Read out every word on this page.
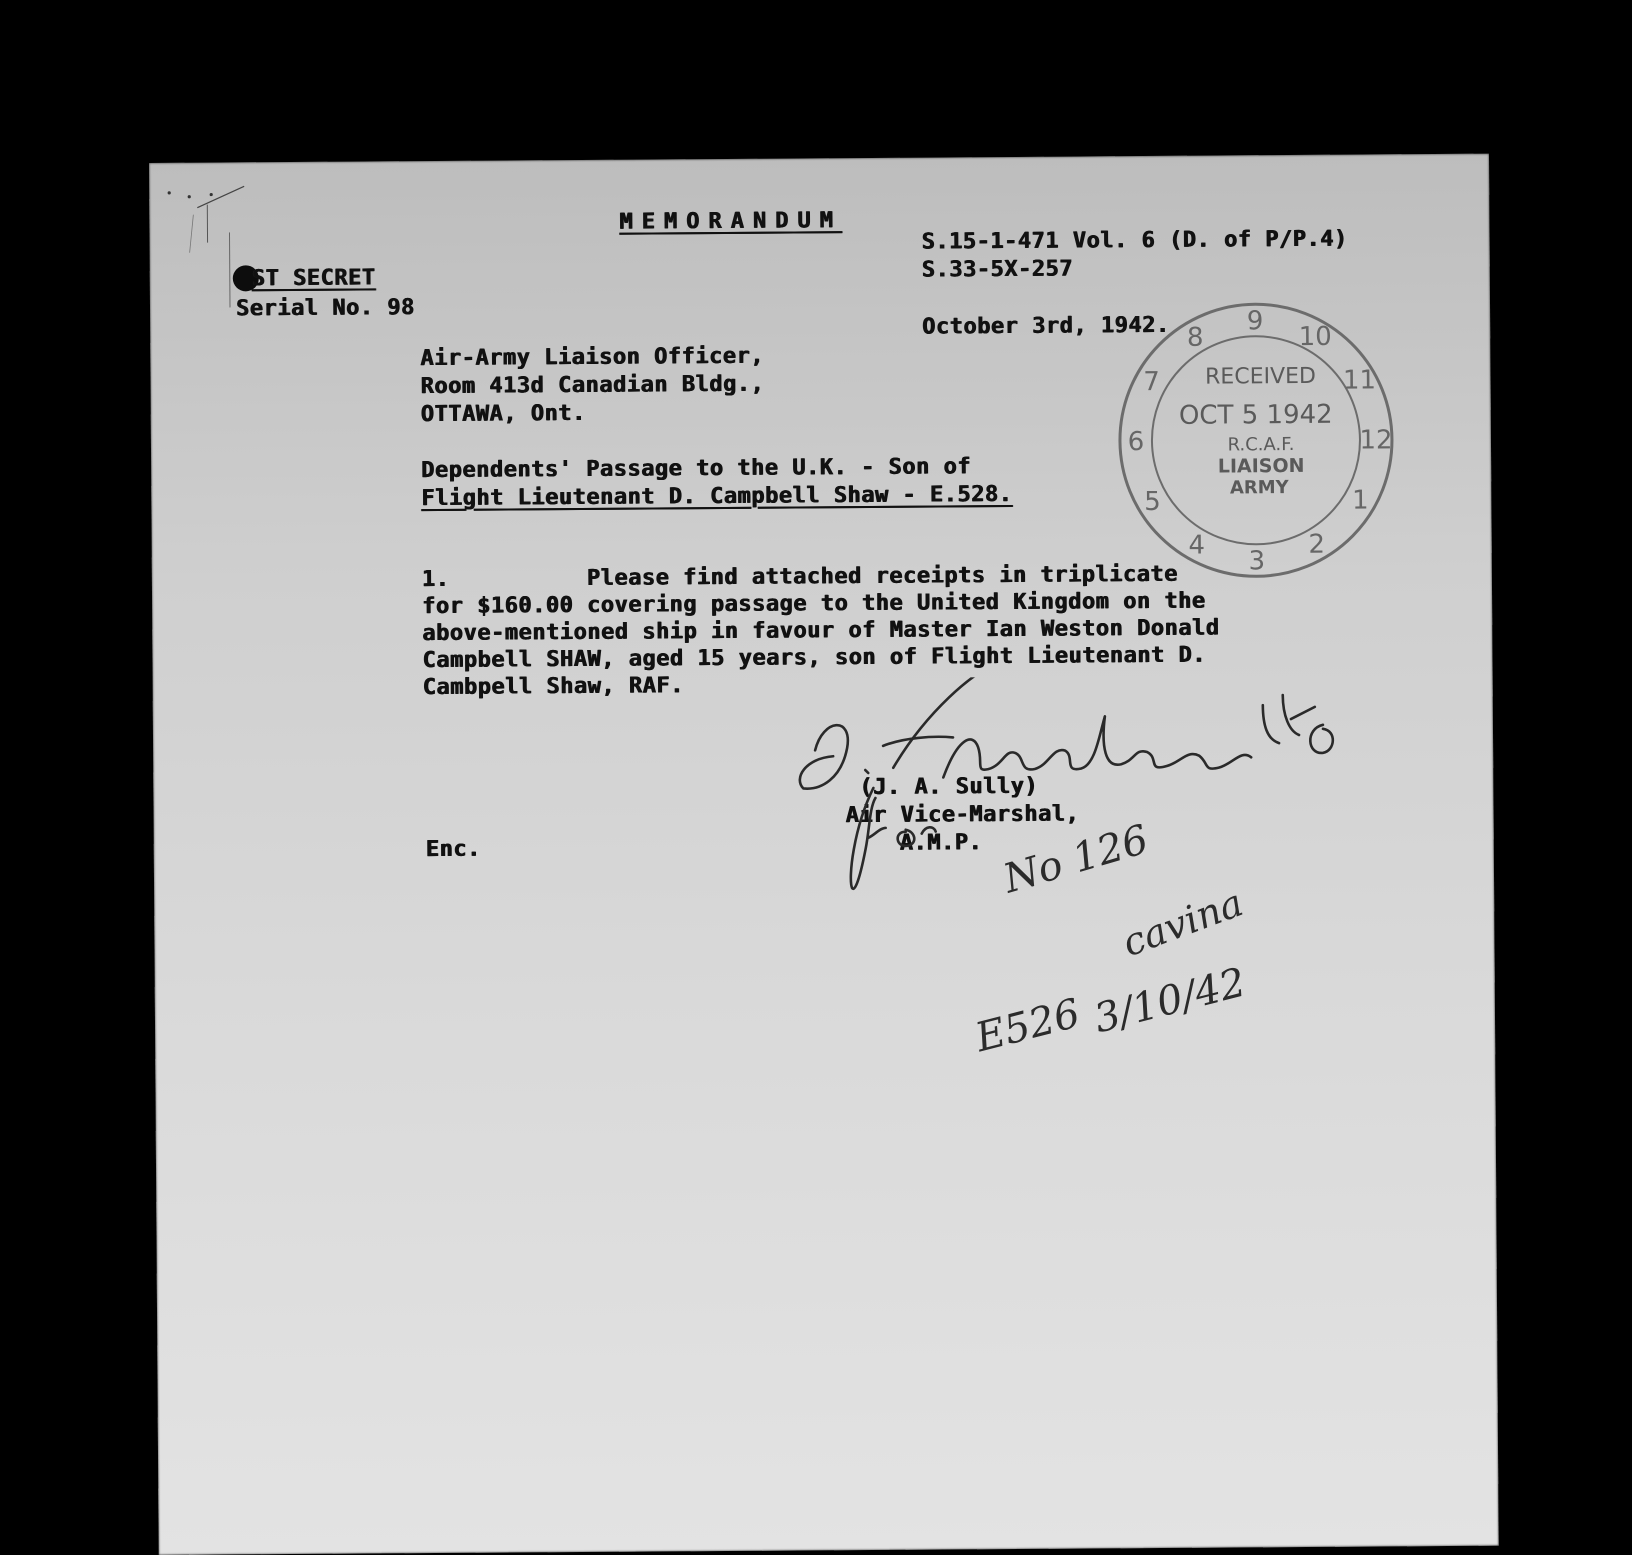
MEMORANDUM
ST SECRET
Serial No. 98
S.15-1-471 Vol. 6 (D. of P/P.4)
S.33-5X-257
October 3rd, 1942.
Air-Army Liaison Officer,
Room 413d Canadian Bldg.,
OTTAWA, Ont.
Dependents' Passage to the U.K. - Son of
Flight Lieutenant D. Campbell Shaw - E.528.
1.          Please find attached receipts in triplicate
for $160.00 covering passage to the United Kingdom on the
above-mentioned ship in favour of Master Ian Weston Donald
Campbell SHAW, aged 15 years, son of Flight Lieutenant D.
Cambpell Shaw, RAF.
(J. A. Sully)
Air Vice-Marshal,
A.M.P.
Enc.
9
10
11
12
1
2
3
4
5
6
7
8
RECEIVED
OCT 5 1942
R.C.A.F.
LIAISON
ARMY
No 126
E526
cavina
3/10/42
